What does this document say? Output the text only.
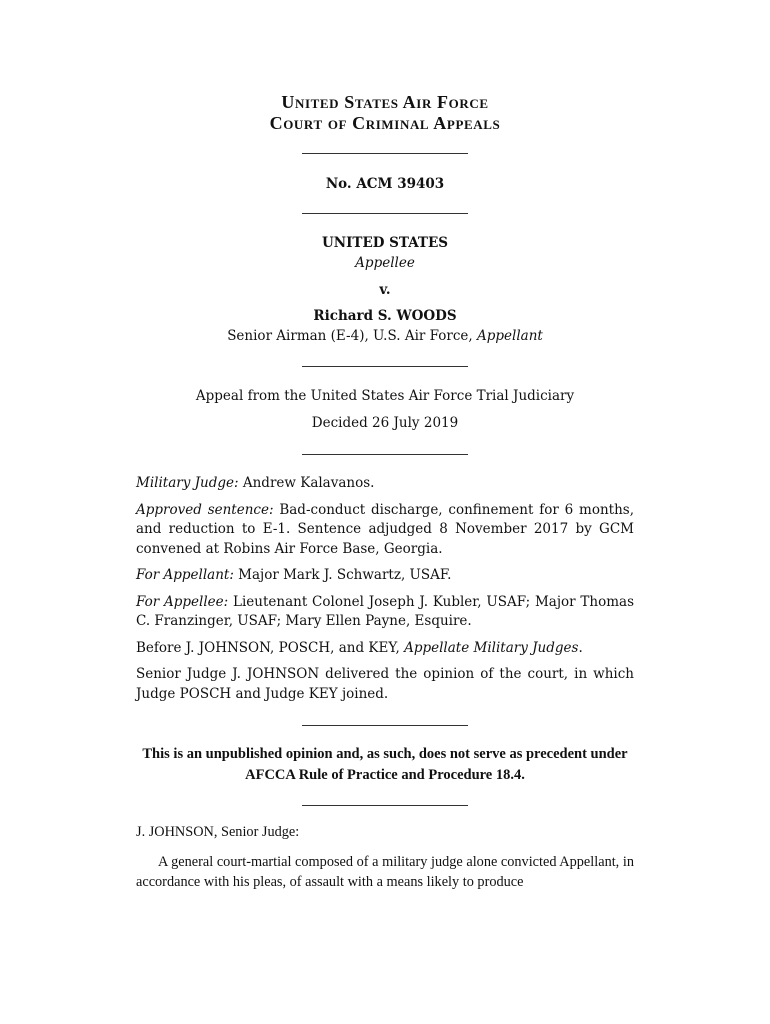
United States Air Force
Court of Criminal Appeals
No. ACM 39403
UNITED STATES
Appellee
v.
Richard S. WOODS
Senior Airman (E-4), U.S. Air Force, Appellant
Appeal from the United States Air Force Trial Judiciary
Decided 26 July 2019

Military Judge: Andrew Kalavanos.

Approved sentence: Bad-conduct discharge, confinement for 6 months, and reduction to E-1. Sentence adjudged 8 November 2017 by GCM convened at Robins Air Force Base, Georgia.

For Appellant: Major Mark J. Schwartz, USAF.

For Appellee: Lieutenant Colonel Joseph J. Kubler, USAF; Major Thomas C. Franzinger, USAF; Mary Ellen Payne, Esquire.

Before J. JOHNSON, POSCH, and KEY, Appellate Military Judges.

Senior Judge J. JOHNSON delivered the opinion of the court, in which Judge POSCH and Judge KEY joined.

This is an unpublished opinion and, as such, does not serve as precedent under AFCCA Rule of Practice and Procedure 18.4.

J. JOHNSON, Senior Judge:

A general court-martial composed of a military judge alone convicted Appellant, in accordance with his pleas, of assault with a means likely to produce
